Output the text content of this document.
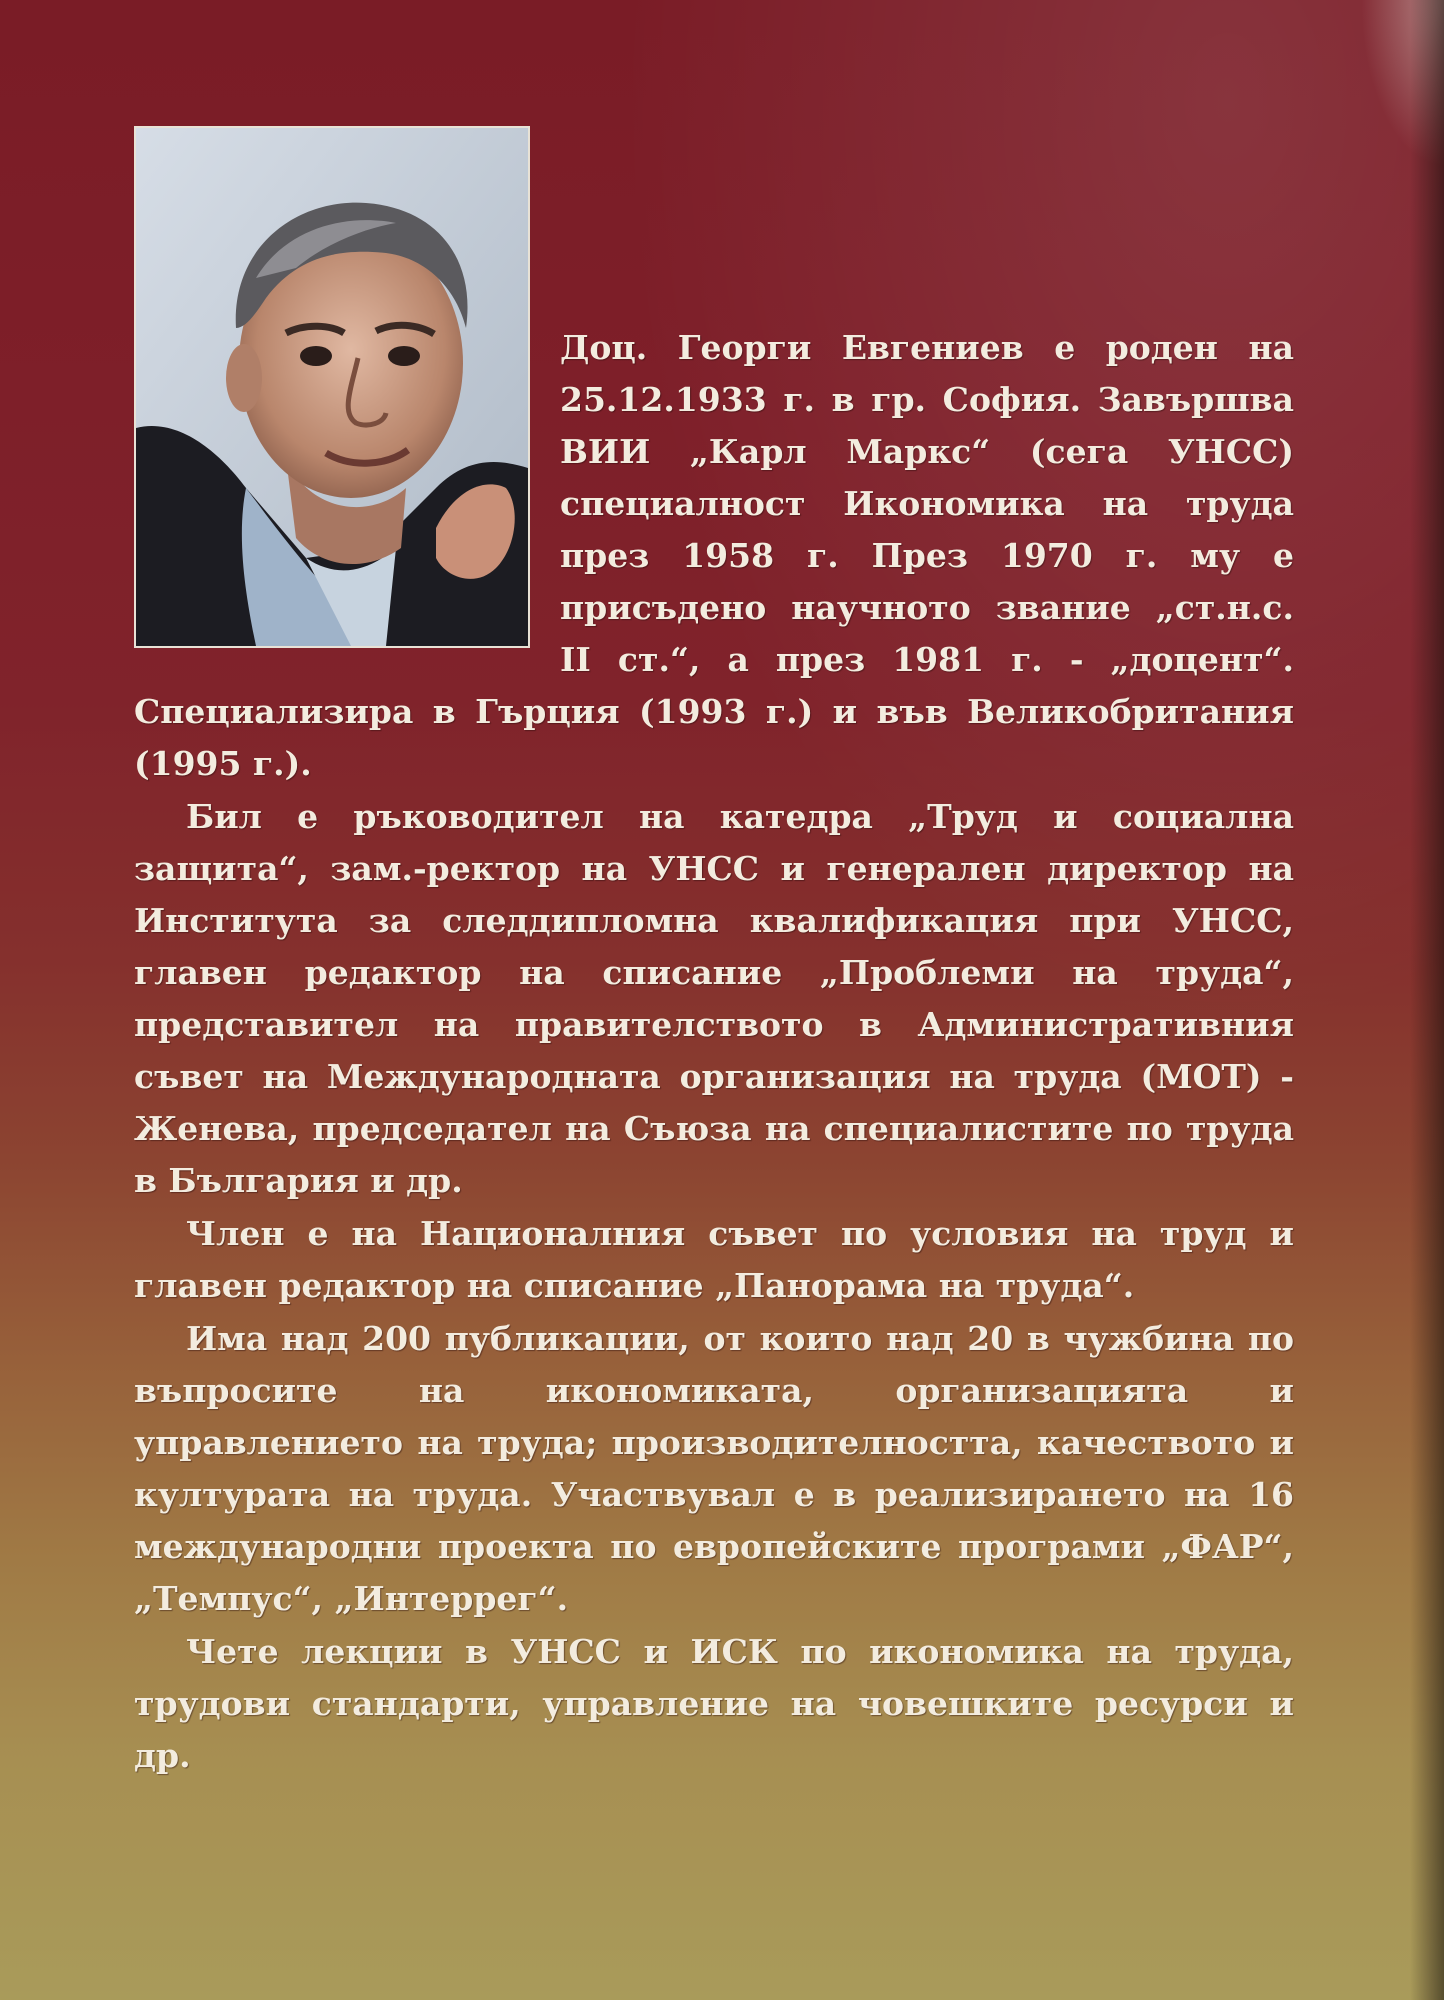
Доц. Георги Евгениев е роден на 25.12.1933 г. в гр. София. Завършва ВИИ „Карл Маркс“ (сега УНСС) специалност Икономика на труда през 1958 г. През 1970 г. му е присъдено научното звание „ст.н.с. II ст.“, а през 1981 г. - „доцент“. Специализира в Гърция (1993 г.) и във Великобритания (1995 г.).

Бил е ръководител на катедра „Труд и социална защита“, зам.-ректор на УНСС и генерален директор на Института за следдипломна квалификация при УНСС, главен редактор на списание „Проблеми на труда“, представител на правителството в Административния съвет на Международната организация на труда (МОТ) - Женева, председател на Съюза на специалистите по труда в България и др.

Член е на Националния съвет по условия на труд и главен редактор на списание „Панорама на труда“.

Има над 200 публикации, от които над 20 в чужбина по въпросите на икономиката, организацията и управлението на труда; производителността, качеството и културата на труда. Участвувал е в реализирането на 16 международни проекта по европейските програми „ФАР“, „Темпус“, „Интеррег“.

Чете лекции в УНСС и ИСК по икономика на труда, трудови стандарти, управление на човешките ресурси и др.
